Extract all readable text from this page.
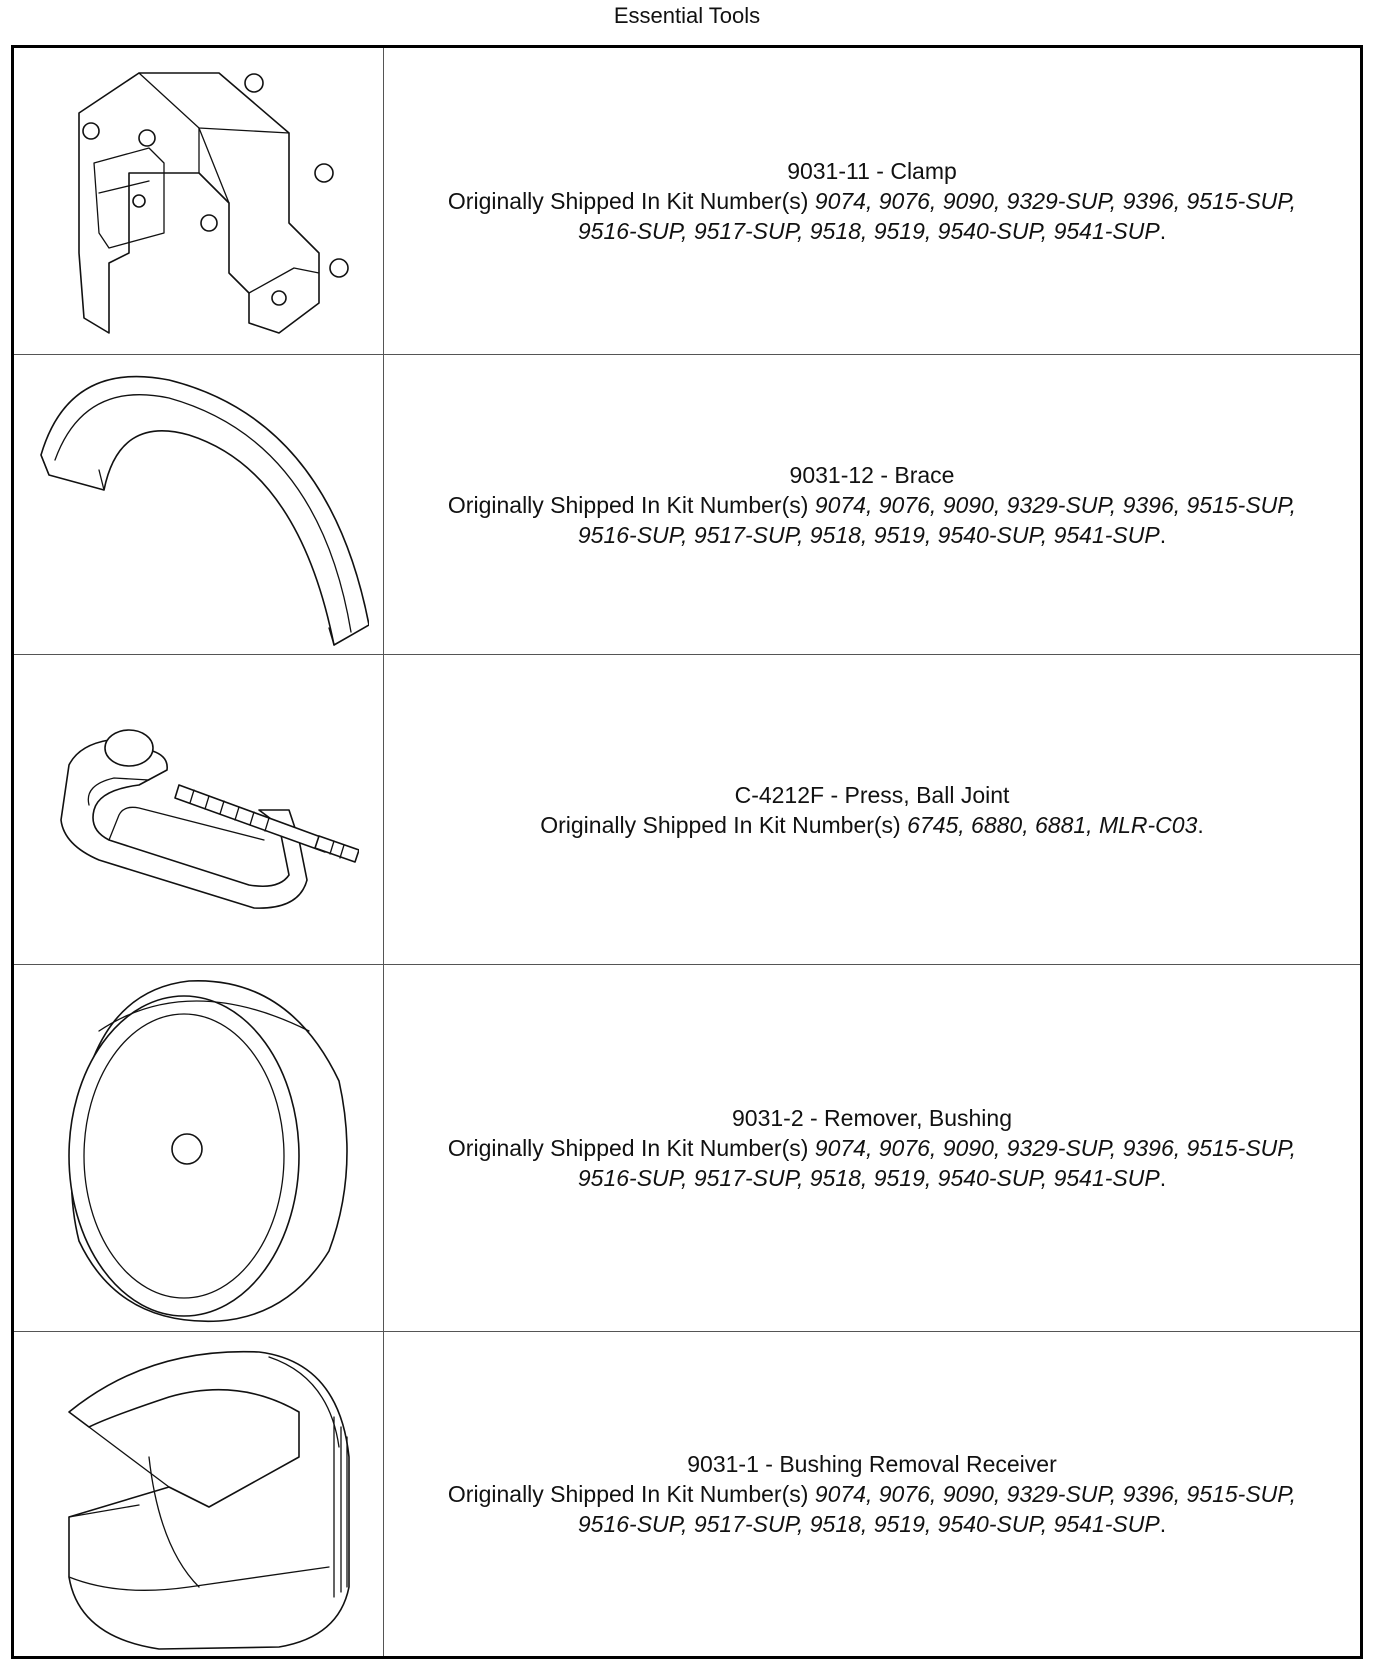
Essential Tools
9031-11 - Clamp
Originally Shipped In Kit Number(s) 9074, 9076, 9090, 9329-SUP, 9396, 9515-SUP,
9516-SUP, 9517-SUP, 9518, 9519, 9540-SUP, 9541-SUP.
9031-12 - Brace
Originally Shipped In Kit Number(s) 9074, 9076, 9090, 9329-SUP, 9396, 9515-SUP,
9516-SUP, 9517-SUP, 9518, 9519, 9540-SUP, 9541-SUP.
C-4212F - Press, Ball Joint
Originally Shipped In Kit Number(s) 6745, 6880, 6881, MLR-C03.
9031-2 - Remover, Bushing
Originally Shipped In Kit Number(s) 9074, 9076, 9090, 9329-SUP, 9396, 9515-SUP,
9516-SUP, 9517-SUP, 9518, 9519, 9540-SUP, 9541-SUP.
9031-1 - Bushing Removal Receiver
Originally Shipped In Kit Number(s) 9074, 9076, 9090, 9329-SUP, 9396, 9515-SUP,
9516-SUP, 9517-SUP, 9518, 9519, 9540-SUP, 9541-SUP.
